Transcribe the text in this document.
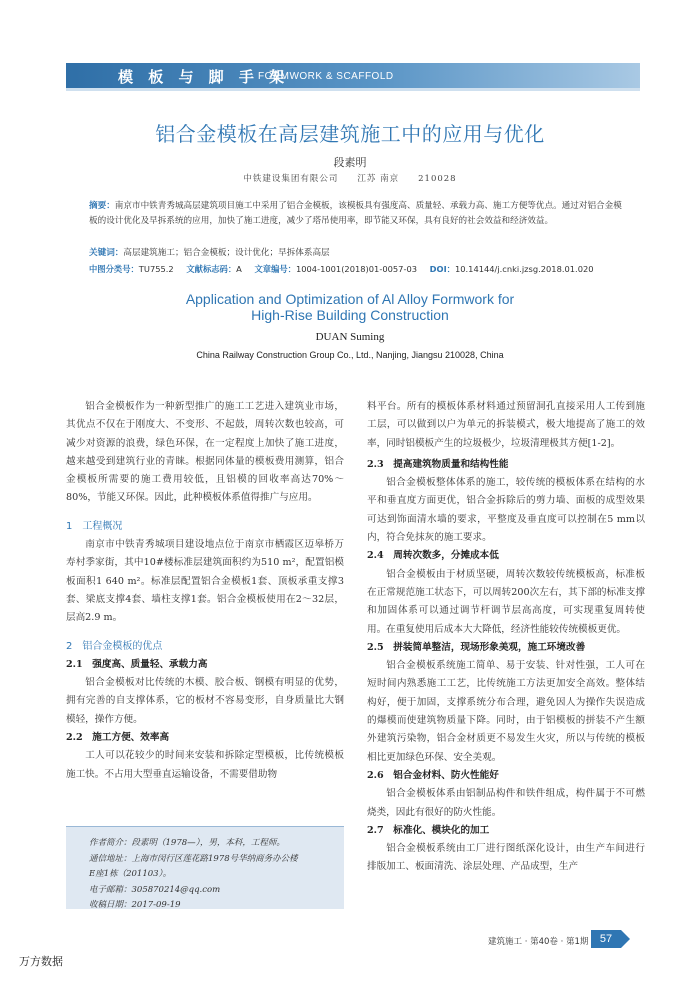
模 板 与 脚 手 架
FORMWORK & SCAFFOLD
铝合金模板在高层建筑施工中的应用与优化
段素明
中铁建设集团有限公司　　江苏 南京　　210028
摘要：南京市中铁青秀城高层建筑项目施工中采用了铝合金模板，该模板具有强度高、质量轻、承载力高、施工方便等优点。通过对铝合金模板的设计优化及早拆系统的应用，加快了施工进度，减少了塔吊使用率，即节能又环保，具有良好的社会效益和经济效益。
关键词：高层建筑施工；铝合金模板；设计优化；早拆体系高层
中图分类号：TU755.2 文献标志码：A 文章编号：1004-1001(2018)01-0057-03 DOI：10.14144/j.cnki.jzsg.2018.01.020
Application and Optimization of Al Alloy Formwork for
High-Rise Building Construction
DUAN Suming
China Railway Construction Group Co., Ltd., Nanjing, Jiangsu 210028, China

铝合金模板作为一种新型推广的施工工艺进入建筑业市场，其优点不仅在于刚度大、不变形、不起鼓，周转次数也较高，可减少对资源的浪费，绿色环保，在一定程度上加快了施工进度，越来越受到建筑行业的青睐。根据同体量的模板费用测算，铝合金模板所需要的施工费用较低，且铝模的回收率高达70%～80%，节能又环保。因此，此种模板体系值得推广与应用。

1　工程概况

南京市中铁青秀城项目建设地点位于南京市栖霞区迈皋桥万寿村季家街，其中10#楼标准层建筑面积约为510 m²，配置铝模板面积1 640 m²。标准层配置铝合金模板1套、顶板承重支撑3套、梁底支撑4套、墙柱支撑1套。铝合金模板使用在2～32层，层高2.9 m。

2　铝合金模板的优点
2.1　强度高、质量轻、承载力高

铝合金模板对比传统的木模、胶合板、钢模有明显的优势，拥有完善的自支撑体系，它的板材不容易变形，自身质量比大钢模轻，操作方便。

2.2　施工方便、效率高

工人可以花较少的时间来安装和拆除定型模板，比传统模板施工快。不占用大型垂直运输设备，不需要借助物

料平台。所有的模板体系材料通过预留洞孔直接采用人工传到施工层，可以做到以户为单元的拆装模式，极大地提高了施工的效率，同时铝模板产生的垃圾极少，垃圾清理极其方便[1-2]。

2.3　提高建筑物质量和结构性能

铝合金模板整体体系的施工，较传统的模板体系在结构的水平和垂直度方面更优，铝合金拆除后的剪力墙、面板的成型效果可达到饰面清水墙的要求，平整度及垂直度可以控制在5 mm以内，符合免抹灰的施工要求。

2.4　周转次数多，分摊成本低

铝合金模板由于材质坚硬，周转次数较传统模板高，标准板在正常规范施工状态下，可以周转200次左右，其下部的标准支撑和加固体系可以通过调节杆调节层高高度，可实现重复周转使用。在重复使用后成本大大降低，经济性能较传统模板更优。

2.5　拼装简单整洁，现场形象美观，施工环境改善

铝合金模板系统施工简单、易于安装、针对性强，工人可在短时间内熟悉施工工艺，比传统施工方法更加安全高效。整体结构好，便于加固，支撑系统分布合理，避免因人为操作失误造成的爆模而使建筑物质量下降。同时，由于铝模板的拼装不产生额外建筑污染物，铝合金材质更不易发生火灾，所以与传统的模板相比更加绿色环保、安全美观。

2.6　铝合金材料、防火性能好

铝合金模板体系由铝制品构件和铁件组成，构件属于不可燃烧类，因此有很好的防火性能。

2.7　标准化、模块化的加工

铝合金模板系统由工厂进行图纸深化设计，由生产车间进行排版加工、板面清洗、涂层处理、产品成型，生产

作者简介：段素明（1978—），男，本科，工程师。
通信地址：上海市闵行区莲花路1978号华纳商务办公楼
E座1栋（201103）。
电子邮箱：305870214@qq.com
收稿日期：2017-09-19
建筑施工 · 第40卷 · 第1期	57
万方数据
